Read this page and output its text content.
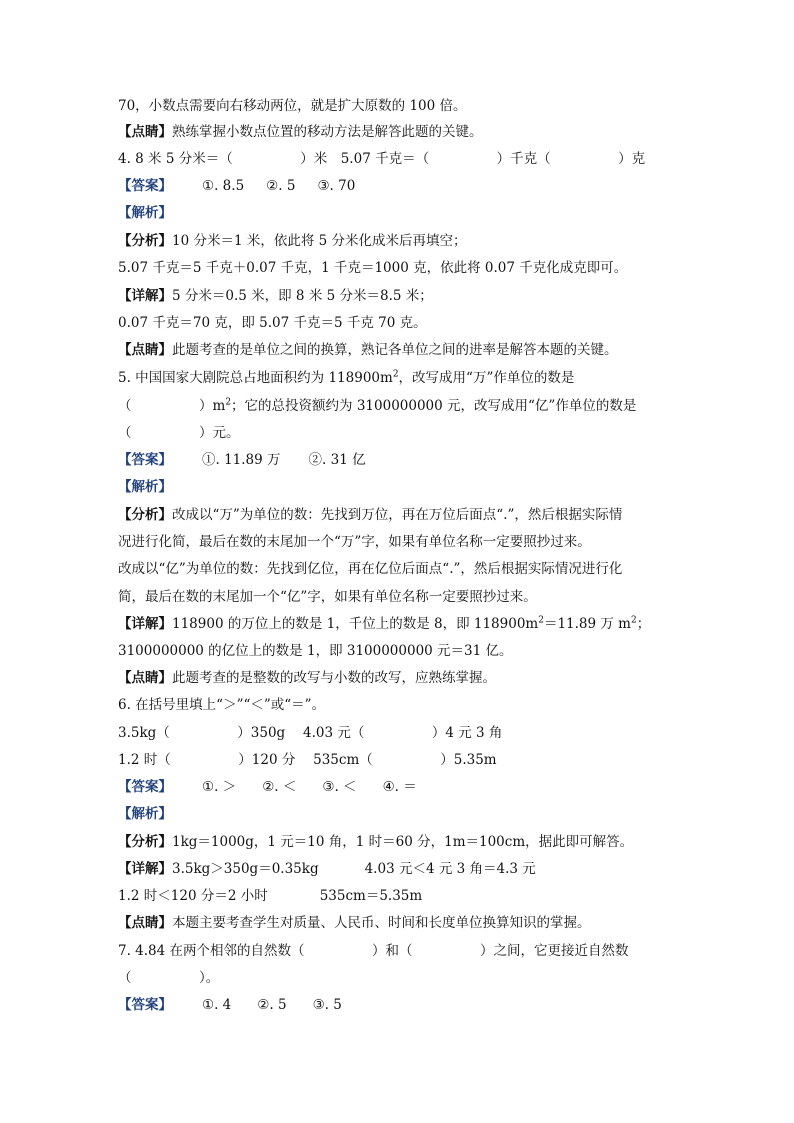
70，小数点需要向右移动两位，就是扩大原数的 100 倍。
【点睛】熟练掌握小数点位置的移动方法是解答此题的关键。
4. 8 米 5 分米＝（　　　　　）米　5.07 千克＝（　　　　　）千克（　　　　　）克
【答案】 ①. 8.5 ②. 5 ③. 70
【解析】
【分析】10 分米＝1 米，依此将 5 分米化成米后再填空；
5.07 千克＝5 千克＋0.07 千克，1 千克＝1000 克，依此将 0.07 千克化成克即可。
【详解】5 分米＝0.5 米，即 8 米 5 分米＝8.5 米；
0.07 千克＝70 克，即 5.07 千克＝5 千克 70 克。
【点睛】此题考查的是单位之间的换算，熟记各单位之间的进率是解答本题的关键。
5. 中国国家大剧院总占地面积约为 $118900m^2$，改写成用“万”作单位的数是
（　　　　　）$m^2$；它的总投资额约为 3100000000 元，改写成用“亿”作单位的数是
（　　　　　）元。
【答案】 ①. 11.89 万 ②. 31 亿
【解析】
【分析】改成以“万”为单位的数：先找到万位，再在万位后面点“.”，然后根据实际情
况进行化简，最后在数的末尾加一个“万”字，如果有单位名称一定要照抄过来。
改成以“亿”为单位的数：先找到亿位，再在亿位后面点“.”，然后根据实际情况进行化
简，最后在数的末尾加一个“亿”字，如果有单位名称一定要照抄过来。
【详解】118900 的万位上的数是 1，千位上的数是 8，即 $118900m^2=11.89$ 万 $m^2$；
3100000000 的亿位上的数是 1，即 3100000000 元＝31 亿。
【点睛】此题考查的是整数的改写与小数的改写，应熟练掌握。
6. 在括号里填上“＞”“＜”或“＝”。
3.5kg（　　　　　）350g　 4.03 元（　　　　　）4 元 3 角
1.2 时（　　　　　）120 分　 535cm（　　　　　）5.35m
【答案】 ①. ＞ ②. ＜ ③. ＜ ④. ＝
【解析】
【分析】1kg＝1000g，1 元＝10 角，1 时＝60 分，1m＝100cm，据此即可解答。
【详解】3.5kg＞350g＝0.35kg	4.03 元＜4 元 3 角＝4.3 元
1.2 时＜120 分＝2 小时	535cm＝5.35m
【点睛】本题主要考查学生对质量、人民币、时间和长度单位换算知识的掌握。
7. 4.84 在两个相邻的自然数（　　　　　）和（　　　　　）之间，它更接近自然数
（　　　　　）。
【答案】 ①. 4 ②. 5 ③. 5
